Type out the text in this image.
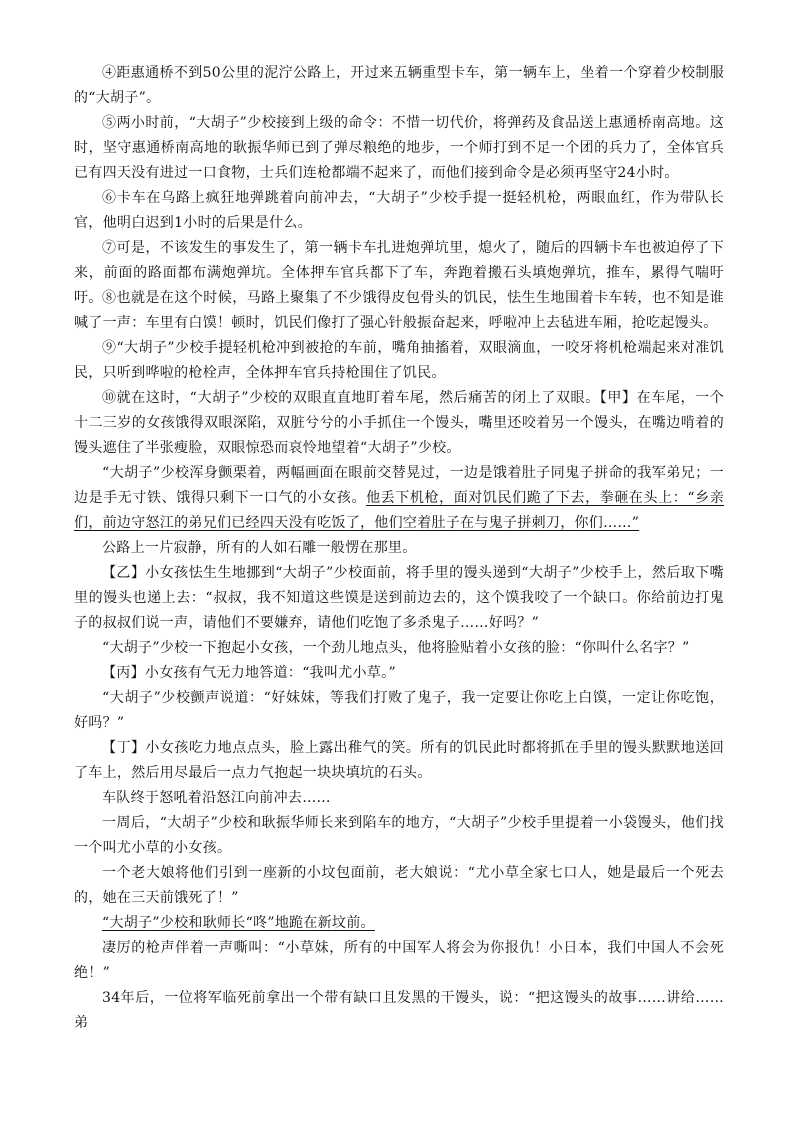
④距惠通桥不到50公里的泥泞公路上，开过来五辆重型卡车，第一辆车上，坐着一个穿着少校制服的“大胡子”。

⑤两小时前，“大胡子”少校接到上级的命令：不惜一切代价，将弹药及食品送上惠通桥南高地。这时，坚守惠通桥南高地的耿振华师已到了弹尽粮绝的地步，一个师打到不足一个团的兵力了，全体官兵已有四天没有进过一口食物，士兵们连枪都端不起来了，而他们接到命令是必须再坚守24小时。

⑥卡车在乌路上疯狂地弹跳着向前冲去，“大胡子”少校手提一挺轻机枪，两眼血红，作为带队长官，他明白迟到1小时的后果是什么。

⑦可是，不该发生的事发生了，第一辆卡车扎进炮弹坑里，熄火了，随后的四辆卡车也被迫停了下来，前面的路面都布满炮弹坑。全体押车官兵都下了车，奔跑着搬石头填炮弹坑，推车，累得气喘吁吁。 ⑧也就是在这个时候，马路上聚集了不少饿得皮包骨头的饥民，怯生生地围着卡车转，也不知是谁喊了一声：车里有白馍！顿时，饥民们像打了强心针般振奋起来，呼啦冲上去毡进车厢，抢吃起馒头。

⑨“大胡子”少校手提轻机枪冲到被抢的车前，嘴角抽搐着，双眼滴血，一咬牙将机枪端起来对准饥民，只听到哗啦的枪栓声，全体押车官兵持枪围住了饥民。

⑩就在这时，“大胡子”少校的双眼直直地盯着车尾，然后痛苦的闭上了双眼。【甲】在车尾，一个十二三岁的女孩饿得双眼深陷，双脏兮兮的小手抓住一个馒头，嘴里还咬着另一个馒头，在嘴边啃着的馒头遮住了半张瘦脸，双眼惊恐而哀怜地望着“大胡子”少校。

“大胡子”少校浑身颤栗着，两幅画面在眼前交替晃过，一边是饿着肚子同鬼子拼命的我军弟兄；一边是手无寸铁、饿得只剩下一口气的小女孩。他丢下机枪，面对饥民们跪了下去，拳砸在头上：“乡亲们，前边守怒江的弟兄们已经四天没有吃饭了，他们空着肚子在与鬼子拼刺刀，你们……”

公路上一片寂静，所有的人如石雕一般愣在那里。

【乙】小女孩怯生生地挪到“大胡子”少校面前，将手里的馒头递到“大胡子”少校手上，然后取下嘴里的馒头也递上去：“叔叔，我不知道这些馍是送到前边去的，这个馍我咬了一个缺口。你给前边打鬼子的叔叔们说一声，请他们不要嫌弃，请他们吃饱了多杀鬼子……好吗？”

“大胡子”少校一下抱起小女孩，一个劲儿地点头，他将脸贴着小女孩的脸：“你叫什么名字？”

【丙】小女孩有气无力地答道：“我叫尤小草。”

“大胡子”少校颤声说道：“好妹妹，等我们打败了鬼子，我一定要让你吃上白馍，一定让你吃饱，好吗？”

【丁】小女孩吃力地点点头，脸上露出稚气的笑。所有的饥民此时都将抓在手里的馒头默默地送回了车上，然后用尽最后一点力气抱起一块块填坑的石头。

车队终于怒吼着沿怒江向前冲去……

一周后，“大胡子”少校和耿振华师长来到陷车的地方，“大胡子”少校手里提着一小袋馒头，他们找一个叫尤小草的小女孩。

一个老大娘将他们引到一座新的小坟包面前，老大娘说：“尤小草全家七口人，她是最后一个死去的，她在三天前饿死了！”

“大胡子”少校和耿师长“咚”地跪在新坟前。

凄厉的枪声伴着一声嘶叫：“小草妹，所有的中国军人将会为你报仇！小日本，我们中国人不会死绝！”

34年后，一位将军临死前拿出一个带有缺口且发黑的干馒头，说：“把这馒头的故事……讲给……弟
